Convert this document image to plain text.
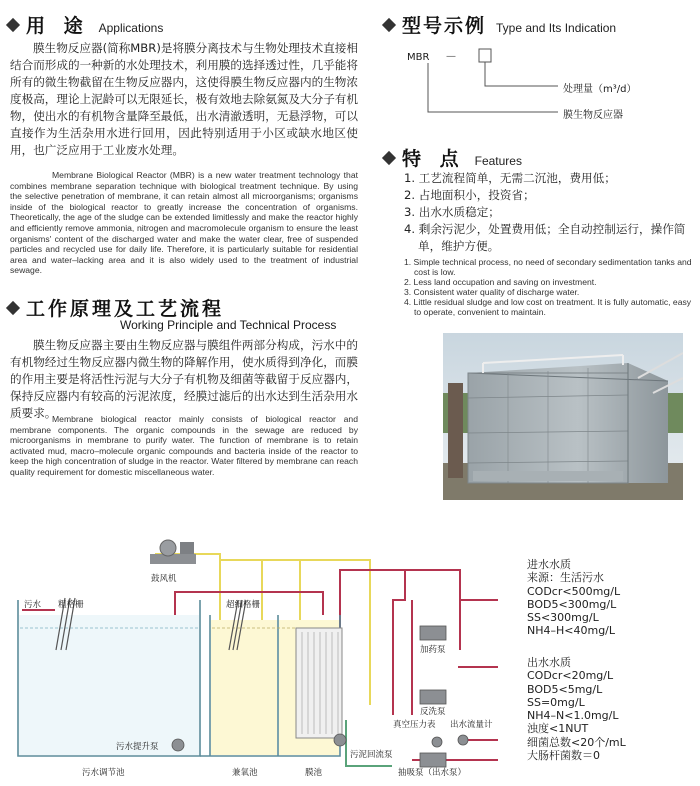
用 途 Applications
膜生物反应器(简称MBR)是将膜分离技术与生物处理技术直接相结合而形成的一种新的水处理技术，利用膜的选择透过性，几乎能将所有的微生物截留在生物反应器内，这使得膜生物反应器内的生物浓度极高，理论上泥龄可以无限延长，极有效地去除氨氮及大分子有机物，使出水的有机物含量降至最低，出水清澈透明，无悬浮物，可以直接作为生活杂用水进行回用，因此特别适用于小区或缺水地区使用，也广泛应用于工业废水处理。
Membrane Biological Reactor (MBR) is a new water treatment technology that combines membrane separation technique with biological treatment technique. By using the selective penetration of membrane, it can retain almost all microorganisms; organisms inside of the biological reactor to greatly increase the concentration of organisms. Theoretically, the age of the sludge can be extended limitlessly and make the reactor highly and efficiently remove ammonia, nitrogen and macromolecule organism to ensure the least organisms' content of the discharged water and make the water clear, free of suspended particles and recycled use for daily life. Therefore, it is particularly suitable for residential area and water–lacking area and it is also widely used to the treatment of industrial sewage.
工作原理及工艺流程
Working Principle and Technical Process
膜生物反应器主要由生物反应器与膜组件两部分构成，污水中的有机物经过生物反应器内微生物的降解作用，使水质得到净化，而膜的作用主要是将活性污泥与大分子有机物及细菌等截留于反应器内，保持反应器内有较高的污泥浓度，经膜过滤后的出水达到生活杂用水质要求。
Membrane biological reactor mainly consists of biological reactor and membrane components. The organic compounds in the sewage are reduced by microorganisms in membrane to purify water. The function of membrane is to retain activated mud, macro–molecule organic compounds and bacteria inside of the reactor to keep the high concentration of sludge in the reactor. Water filtered by membrane can reach quality requirement for domestic miscellaneous water.
型号示例 Type and Its Indication
MBR —
处理量（m³/d）
膜生物反应器
特 点 Features
1. 工艺流程简单，无需二沉池，费用低；
2. 占地面积小，投资省；
3. 出水水质稳定；
4. 剩余污泥少，处置费用低；全自动控制运行，操作简单，维护方便。
1. Simple technical process, no need of secondary sedimentation tanks and cost is low.
2. Less land occupation and saving on investment.
3. Consistent water quality of discharge water.
4. Little residual sludge and low cost on treatment. It is fully automatic, easy to operate, convenient to maintain.
鼓风机
污水 粗格栅	超细格栅
加药泵
反洗泵
真空压力表 出水流量计
污水提升泵
污泥回流泵
污水调节池	兼氧池	膜池	抽吸泵（出水泵）
进水水质
来源：生活污水
CODcr<500mg/L
BOD5<300mg/L
SS<300mg/L
NH4–H<40mg/L
出水水质
CODcr<20mg/L
BOD5<5mg/L
SS=0mg/L
NH4–N<1.0mg/L
浊度<1NUT
细菌总数<20个/mL
大肠杆菌数＝0
